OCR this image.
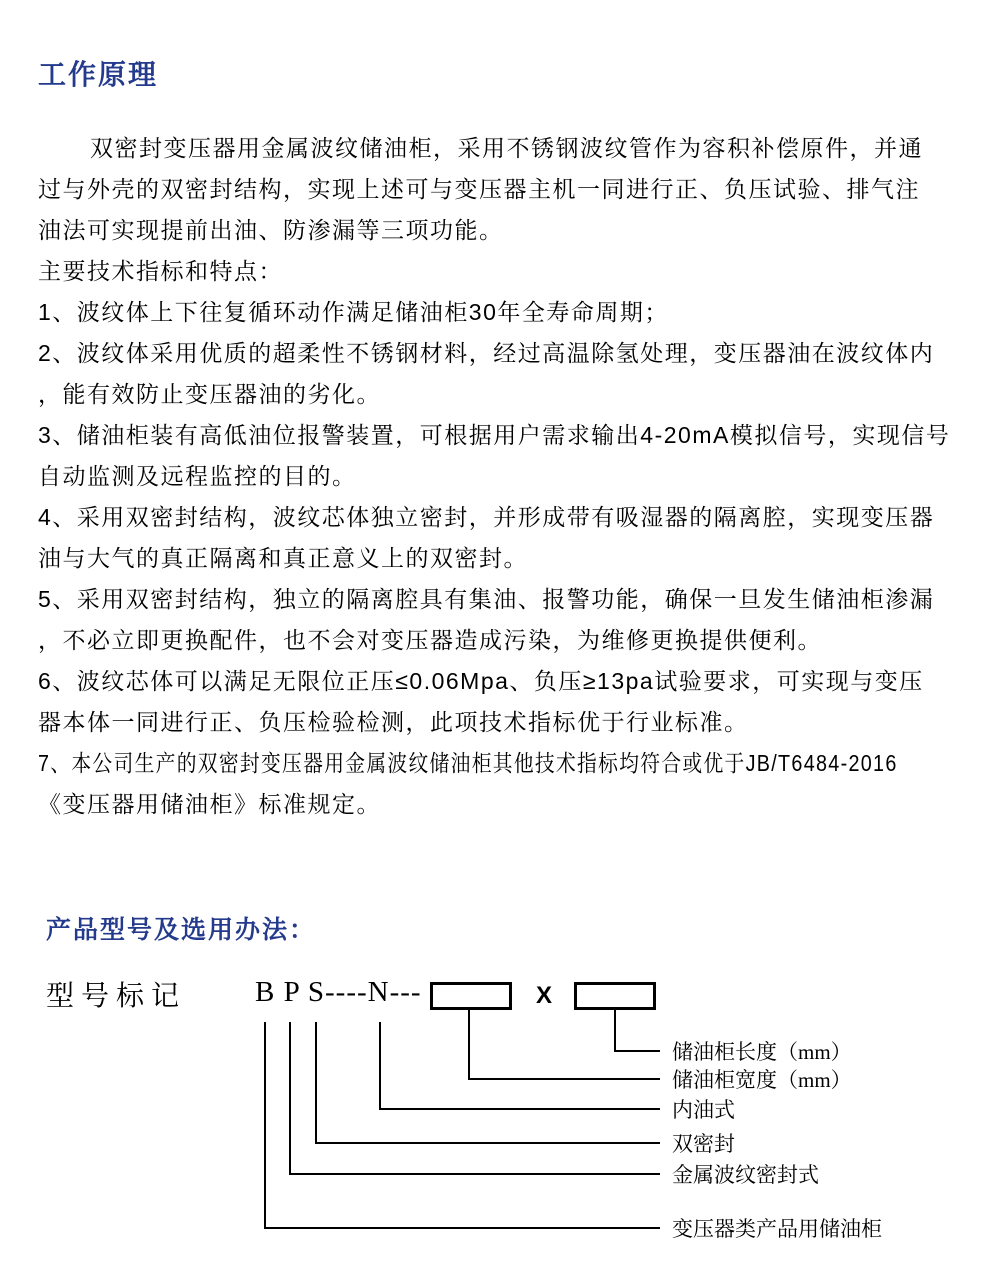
工作原理
双密封变压器用金属波纹储油柜，采用不锈钢波纹管作为容积补偿原件，并通
过与外壳的双密封结构，实现上述可与变压器主机一同进行正、负压试验、排气注
油法可实现提前出油、防渗漏等三项功能。
主要技术指标和特点：
1、波纹体上下往复循环动作满足储油柜30年全寿命周期；
2、波纹体采用优质的超柔性不锈钢材料，经过高温除氢处理，变压器油在波纹体内
，能有效防止变压器油的劣化。
3、储油柜装有高低油位报警装置，可根据用户需求输出4-20mA模拟信号，实现信号
自动监测及远程监控的目的。
4、采用双密封结构，波纹芯体独立密封，并形成带有吸湿器的隔离腔，实现变压器
油与大气的真正隔离和真正意义上的双密封。
5、采用双密封结构，独立的隔离腔具有集油、报警功能，确保一旦发生储油柜渗漏
，不必立即更换配件，也不会对变压器造成污染，为维修更换提供便利。
6、波纹芯体可以满足无限位正压≤0.06Mpa、负压≥13pa试验要求，可实现与变压
器本体一同进行正、负压检验检测，此项技术指标优于行业标准。
7、本公司生产的双密封变压器用金属波纹储油柜其他技术指标均符合或优于JB/T6484-2016
《变压器用储油柜》标准规定。
产品型号及选用办法：
型号标记 B P S----N---	X
储油柜长度（mm）
储油柜宽度（mm）
内油式
双密封
金属波纹密封式
变压器类产品用储油柜
